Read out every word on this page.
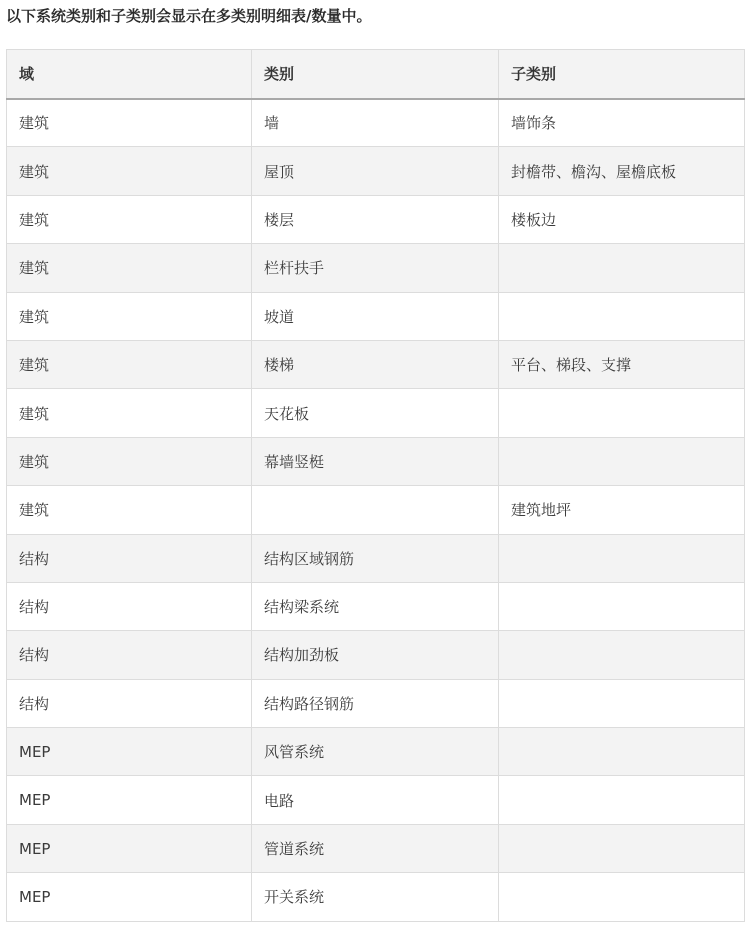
以下系统类别和子类别会显示在多类别明细表/数量中。
域	类别	子类别
建筑	墙	墙饰条
建筑	屋顶	封檐带、檐沟、屋檐底板
建筑	楼层	楼板边
建筑	栏杆扶手	
建筑	坡道	
建筑	楼梯	平台、梯段、支撑
建筑	天花板	
建筑	幕墙竖梃	
建筑		建筑地坪
结构	结构区域钢筋	
结构	结构梁系统	
结构	结构加劲板	
结构	结构路径钢筋	
MEP	风管系统	
MEP	电路	
MEP	管道系统	
MEP	开关系统	
